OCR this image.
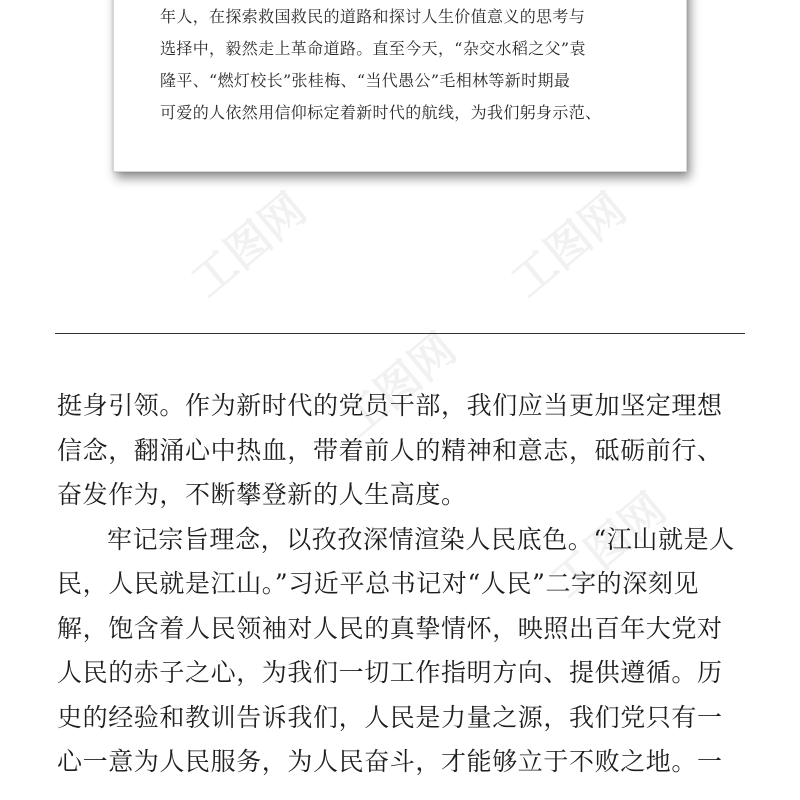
年人，在探索救国救民的道路和探讨人生价值意义的思考与
选择中，毅然走上革命道路。直至今天，“杂交水稻之父”袁
隆平、“燃灯校长”张桂梅、“当代愚公”毛相林等新时期最
可爱的人依然用信仰标定着新时代的航线，为我们躬身示范、
挺身引领。作为新时代的党员干部，我们应当更加坚定理想
信念，翻涌心中热血，带着前人的精神和意志，砥砺前行、
奋发作为，不断攀登新的人生高度。
牢记宗旨理念，以孜孜深情渲染人民底色。“江山就是人
民，人民就是江山。”习近平总书记对“人民”二字的深刻见
解，饱含着人民领袖对人民的真挚情怀，映照出百年大党对
人民的赤子之心，为我们一切工作指明方向、提供遵循。历
史的经验和教训告诉我们，人民是力量之源，我们党只有一
心一意为人民服务，为人民奋斗，才能够立于不败之地。一
工图网
工图网
